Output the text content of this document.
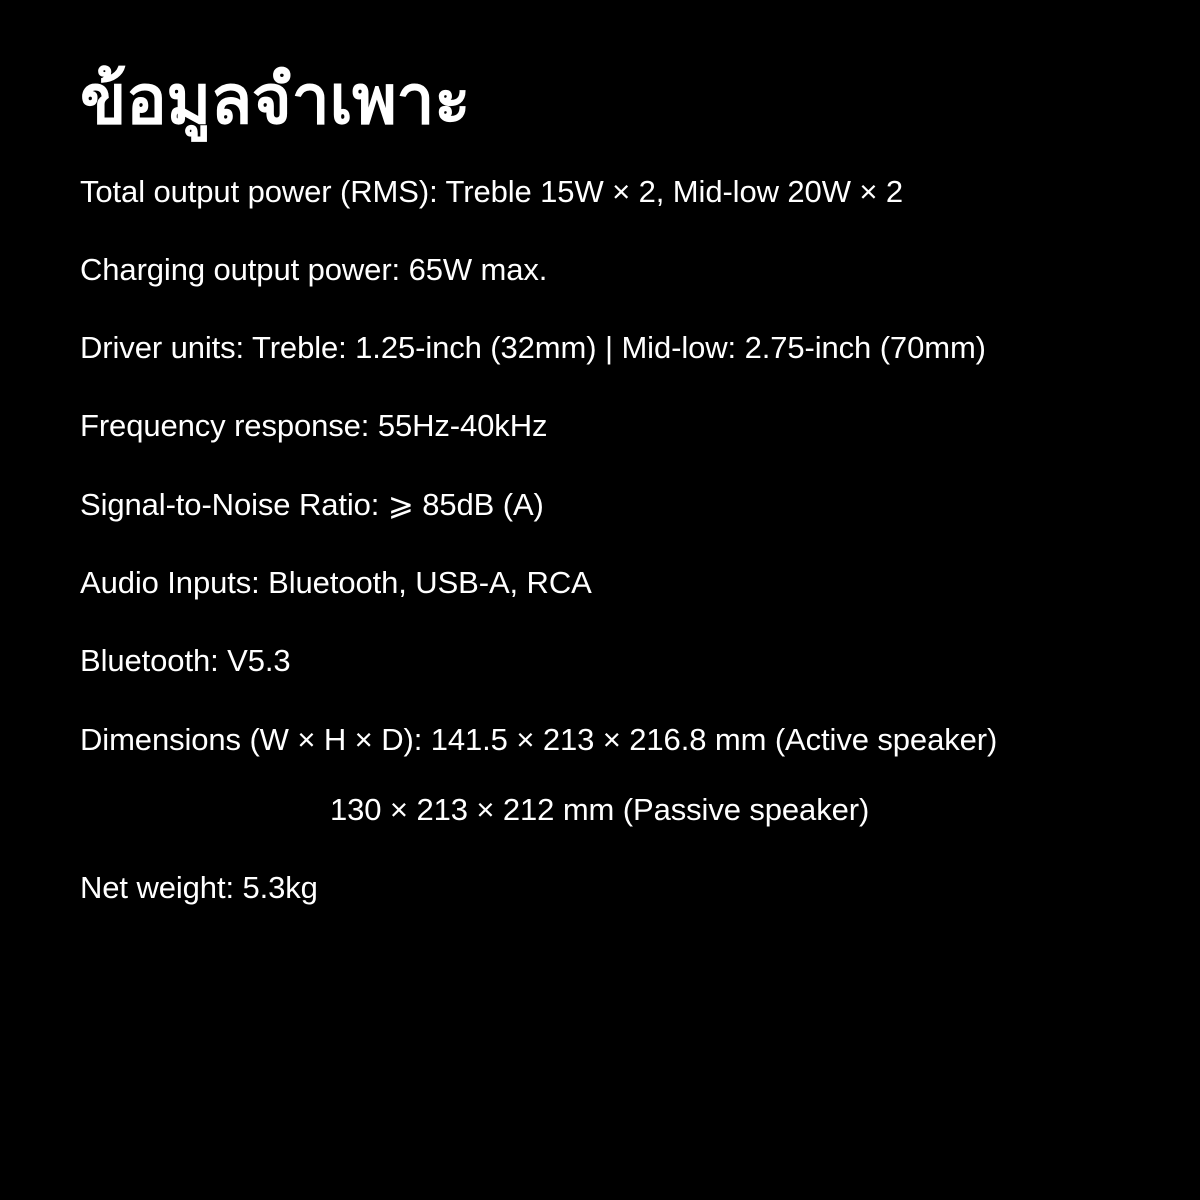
ข้อมูลจำเพาะ
Total output power (RMS): Treble 15W × 2, Mid-low 20W × 2
Charging output power: 65W max.
Driver units: Treble: 1.25-inch (32mm) | Mid-low: 2.75-inch (70mm)
Frequency response: 55Hz-40kHz
Signal-to-Noise Ratio: ⩾ 85dB (A)
Audio Inputs: Bluetooth, USB-A, RCA
Bluetooth: V5.3
Dimensions (W × H × D): 141.5 × 213 × 216.8 mm (Active speaker)
130 × 213 × 212 mm (Passive speaker)
Net weight: 5.3kg
